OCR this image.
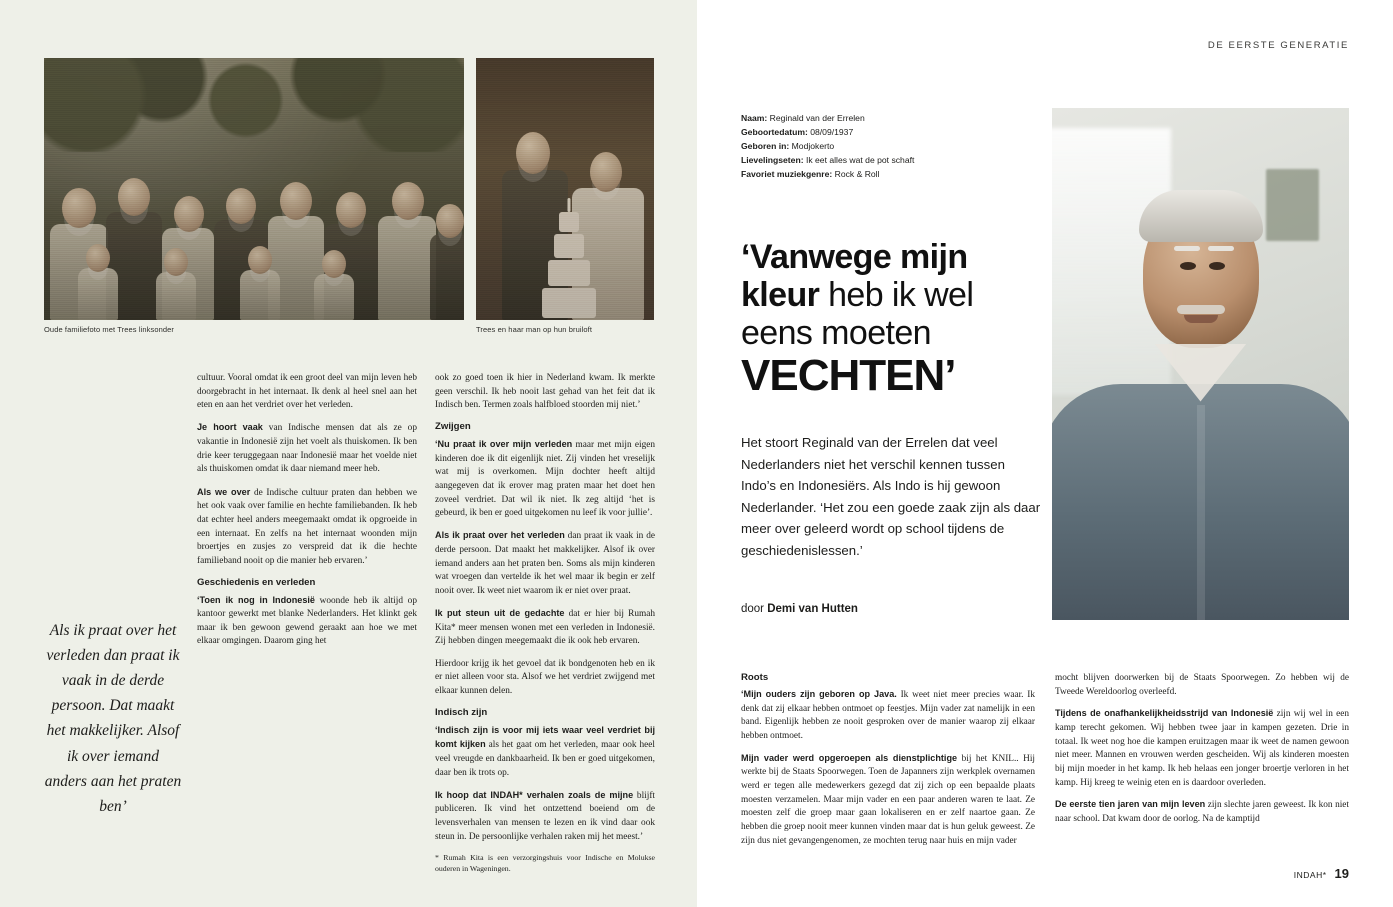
Oude familiefoto met Trees linksonder	Trees en haar man op hun bruiloft
Als ik praat over het verleden dan praat ik vaak in de derde persoon. Dat maakt het makkelijker. Alsof ik over iemand anders aan het praten ben’

cultuur. Vooral omdat ik een groot deel van mijn leven heb doorgebracht in het internaat. Ik denk al heel snel aan het eten en aan het verdriet over het verleden.

Je hoort vaak van Indische mensen dat als ze op vakantie in Indonesië zijn het voelt als thuiskomen. Ik ben drie keer teruggegaan naar Indonesië maar het voelde niet als thuiskomen omdat ik daar niemand meer heb.

Als we over de Indische cultuur praten dan hebben we het ook vaak over familie en hechte familiebanden. Ik heb dat echter heel anders meegemaakt omdat ik opgroeide in een internaat. En zelfs na het internaat woonden mijn broertjes en zusjes zo verspreid dat ik die hechte familieband nooit op die manier heb ervaren.’

Geschiedenis en verleden

‘Toen ik nog in Indonesië woonde heb ik altijd op kantoor gewerkt met blanke Nederlanders. Het klinkt gek maar ik ben gewoon gewend geraakt aan hoe we met elkaar omgingen. Daarom ging het

ook zo goed toen ik hier in Nederland kwam. Ik merkte geen verschil. Ik heb nooit last gehad van het feit dat ik Indisch ben. Termen zoals halfbloed stoorden mij niet.’

Zwijgen

‘Nu praat ik over mijn verleden maar met mijn eigen kinderen doe ik dit eigenlijk niet. Zij vinden het vreselijk wat mij is overkomen. Mijn dochter heeft altijd aangegeven dat ik erover mag praten maar het doet hen zoveel verdriet. Dat wil ik niet. Ik zeg altijd ‘het is gebeurd, ik ben er goed uitgekomen nu leef ik voor jullie’.

Als ik praat over het verleden dan praat ik vaak in de derde persoon. Dat maakt het makkelijker. Alsof ik over iemand anders aan het praten ben. Soms als mijn kinderen wat vroegen dan vertelde ik het wel maar ik begin er zelf nooit over. Ik weet niet waarom ik er niet over praat.

Ik put steun uit de gedachte dat er hier bij Rumah Kita* meer mensen wonen met een verleden in Indonesië. Zij hebben dingen meegemaakt die ik ook heb ervaren.

Hierdoor krijg ik het gevoel dat ik bondgenoten heb en ik er niet alleen voor sta. Alsof we het verdriet zwijgend met elkaar kunnen delen.

Indisch zijn

‘Indisch zijn is voor mij iets waar veel verdriet bij komt kijken als het gaat om het verleden, maar ook heel veel vreugde en dankbaarheid. Ik ben er goed uitgekomen, daar ben ik trots op.

Ik hoop dat INDAH* verhalen zoals de mijne blijft publiceren. Ik vind het ontzettend boeiend om de levensverhalen van mensen te lezen en ik vind daar ook steun in. De persoonlijke verhalen raken mij het meest.’

* Rumah Kita is een verzorgingshuis voor Indische en Molukse ouderen in Wageningen.

DE EERSTE GENERATIE
Naam: Reginald van der Errelen
Geboortedatum: 08/09/1937
Geboren in: Modjokerto
Lievelingseten: Ik eet alles wat de pot schaft
Favoriet muziekgenre: Rock & Roll
‘Vanwege mijn
kleur heb ik wel
eens moeten
VECHTEN’
Het stoort Reginald van der Errelen dat veel Nederlanders niet het verschil kennen tussen Indo’s en Indonesiërs. Als Indo is hij gewoon Nederlander. ‘Het zou een goede zaak zijn als daar meer over geleerd wordt op school tijdens de geschiedenislessen.’
door Demi van Hutten
Roots

‘Mijn ouders zijn geboren op Java. Ik weet niet meer precies waar. Ik denk dat zij elkaar hebben ontmoet op feestjes. Mijn vader zat namelijk in een band. Eigenlijk hebben ze nooit gesproken over de manier waarop zij elkaar hebben ontmoet.

Mijn vader werd opgeroepen als dienstplichtige bij het KNIL.. Hij werkte bij de Staats Spoorwegen. Toen de Japanners zijn werkplek overnamen werd er tegen alle medewerkers gezegd dat zij zich op een bepaalde plaats moesten verzamelen. Maar mijn vader en een paar anderen waren te laat. Ze moesten zelf die groep maar gaan lokaliseren en er zelf naartoe gaan. Ze hebben die groep nooit meer kunnen vinden maar dat is hun geluk geweest. Ze zijn dus niet gevangengenomen, ze mochten terug naar huis en mijn vader

mocht blijven doorwerken bij de Staats Spoorwegen. Zo hebben wij de Tweede Wereldoorlog overleefd.

Tijdens de onafhankelijkheidsstrijd van Indonesië zijn wij wel in een kamp terecht gekomen. Wij hebben twee jaar in kampen gezeten. Drie in totaal. Ik weet nog hoe die kampen eruitzagen maar ik weet de namen gewoon niet meer. Mannen en vrouwen werden gescheiden. Wij als kinderen moesten bij mijn moeder in het kamp. Ik heb helaas een jonger broertje verloren in het kamp. Hij kreeg te weinig eten en is daardoor overleden.

De eerste tien jaren van mijn leven zijn slechte jaren geweest. Ik kon niet naar school. Dat kwam door de oorlog. Na de kamptijd

INDAH* 19
